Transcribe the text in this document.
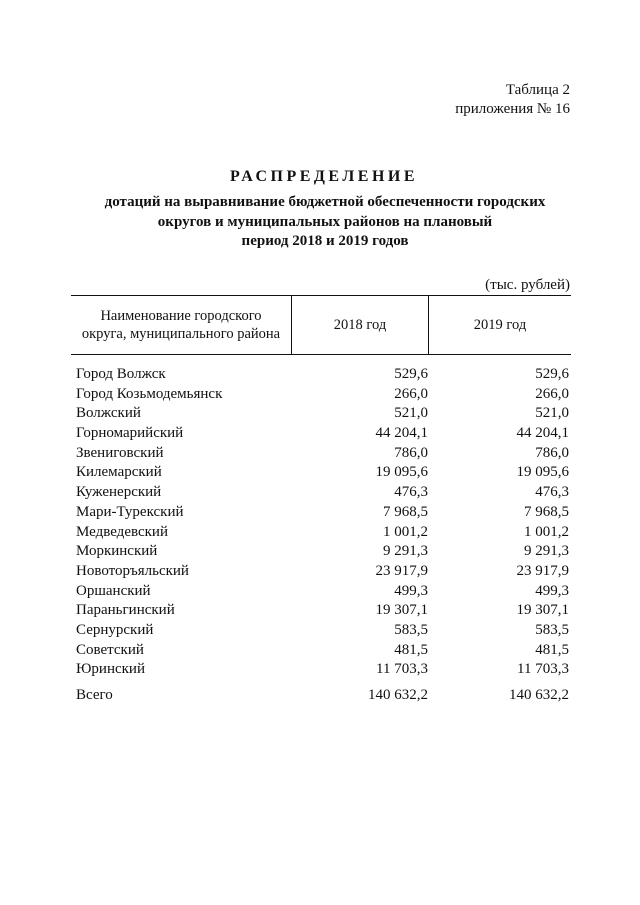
Таблица 2
приложения № 16
РАСПРЕДЕЛЕНИЕ
дотаций на выравнивание бюджетной обеспеченности городских
округов и муниципальных районов на плановый
период 2018 и 2019 годов
(тыс. рублей)
Наименование городского
округа, муниципального района
2018 год	2019 год
Город Волжск	529,6	529,6
Город Козьмодемьянск	266,0	266,0
Волжский	521,0	521,0
Горномарийский	44 204,1	44 204,1
Звениговский	786,0	786,0
Килемарский	19 095,6	19 095,6
Куженерский	476,3	476,3
Мари-Турекский	7 968,5	7 968,5
Медведевский	1 001,2	1 001,2
Моркинский	9 291,3	9 291,3
Новоторъяльский	23 917,9	23 917,9
Оршанский	499,3	499,3
Параньгинский	19 307,1	19 307,1
Сернурский	583,5	583,5
Советский	481,5	481,5
Юринский	11 703,3	11 703,3
Всего	140 632,2	140 632,2
